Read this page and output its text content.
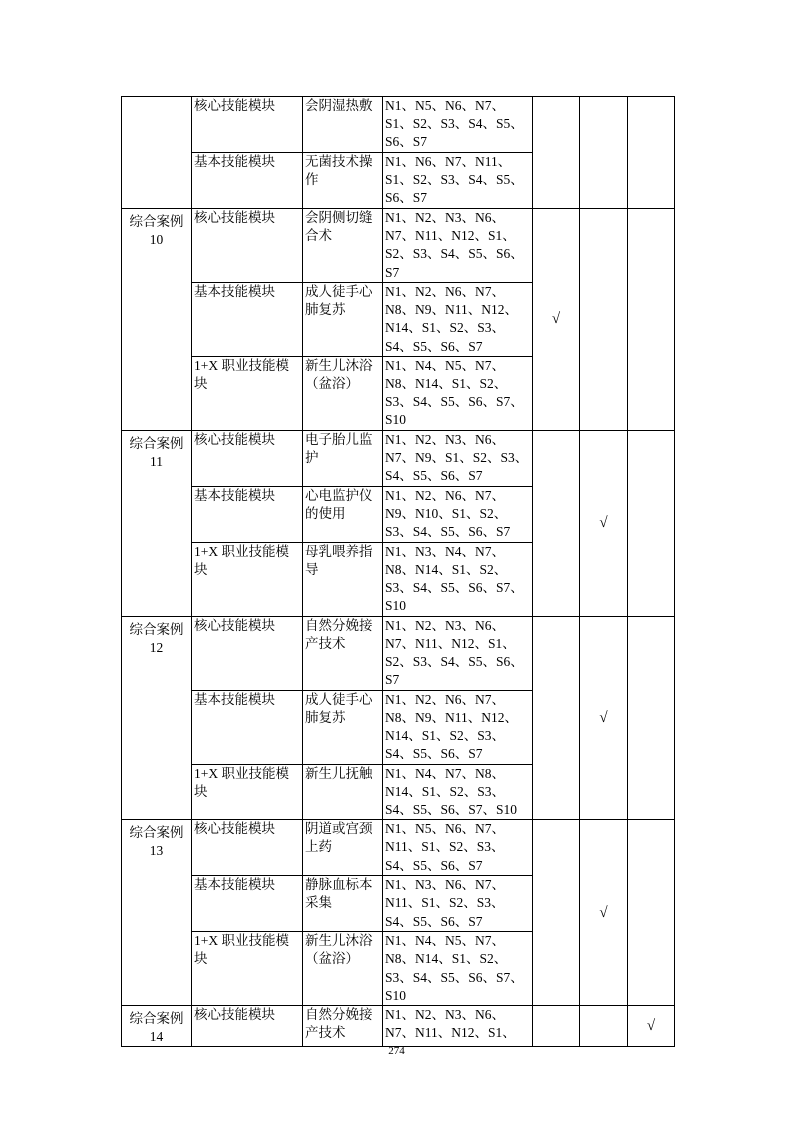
	核心技能模块	会阴湿热敷	N1、N5、N6、N7、S1、S2、S3、S4、S5、S6、S7			
	基本技能模块	无菌技术操作	N1、N6、N7、N11、S1、S2、S3、S4、S5、S6、S7			
综合案例 10	核心技能模块	会阴侧切缝合术	N1、N2、N3、N6、N7、N11、N12、S1、S2、S3、S4、S5、S6、S7	√		
	基本技能模块	成人徒手心肺复苏	N1、N2、N6、N7、N8、N9、N11、N12、N14、S1、S2、S3、S4、S5、S6、S7			
	1+X 职业技能模块	新生儿沐浴（盆浴）	N1、N4、N5、N7、N8、N14、S1、S2、S3、S4、S5、S6、S7、S10			
综合案例 11	核心技能模块	电子胎儿监护	N1、N2、N3、N6、N7、N9、S1、S2、S3、S4、S5、S6、S7		√	
	基本技能模块	心电监护仪的使用	N1、N2、N6、N7、N9、N10、S1、S2、S3、S4、S5、S6、S7			
	1+X 职业技能模块	母乳喂养指导	N1、N3、N4、N7、N8、N14、S1、S2、S3、S4、S5、S6、S7、S10			
综合案例 12	核心技能模块	自然分娩接产技术	N1、N2、N3、N6、N7、N11、N12、S1、S2、S3、S4、S5、S6、S7		√	
	基本技能模块	成人徒手心肺复苏	N1、N2、N6、N7、N8、N9、N11、N12、N14、S1、S2、S3、S4、S5、S6、S7			
	1+X 职业技能模块	新生儿抚触	N1、N4、N7、N8、N14、S1、S2、S3、S4、S5、S6、S7、S10			
综合案例 13	核心技能模块	阴道或宫颈上药	N1、N5、N6、N7、N11、S1、S2、S3、S4、S5、S6、S7		√	
	基本技能模块	静脉血标本采集	N1、N3、N6、N7、N11、S1、S2、S3、S4、S5、S6、S7			
	1+X 职业技能模块	新生儿沐浴（盆浴）	N1、N4、N5、N7、N8、N14、S1、S2、S3、S4、S5、S6、S7、S10			
综合案例 14	核心技能模块	自然分娩接产技术	N1、N2、N3、N6、N7、N11、N12、S1、			√
274
